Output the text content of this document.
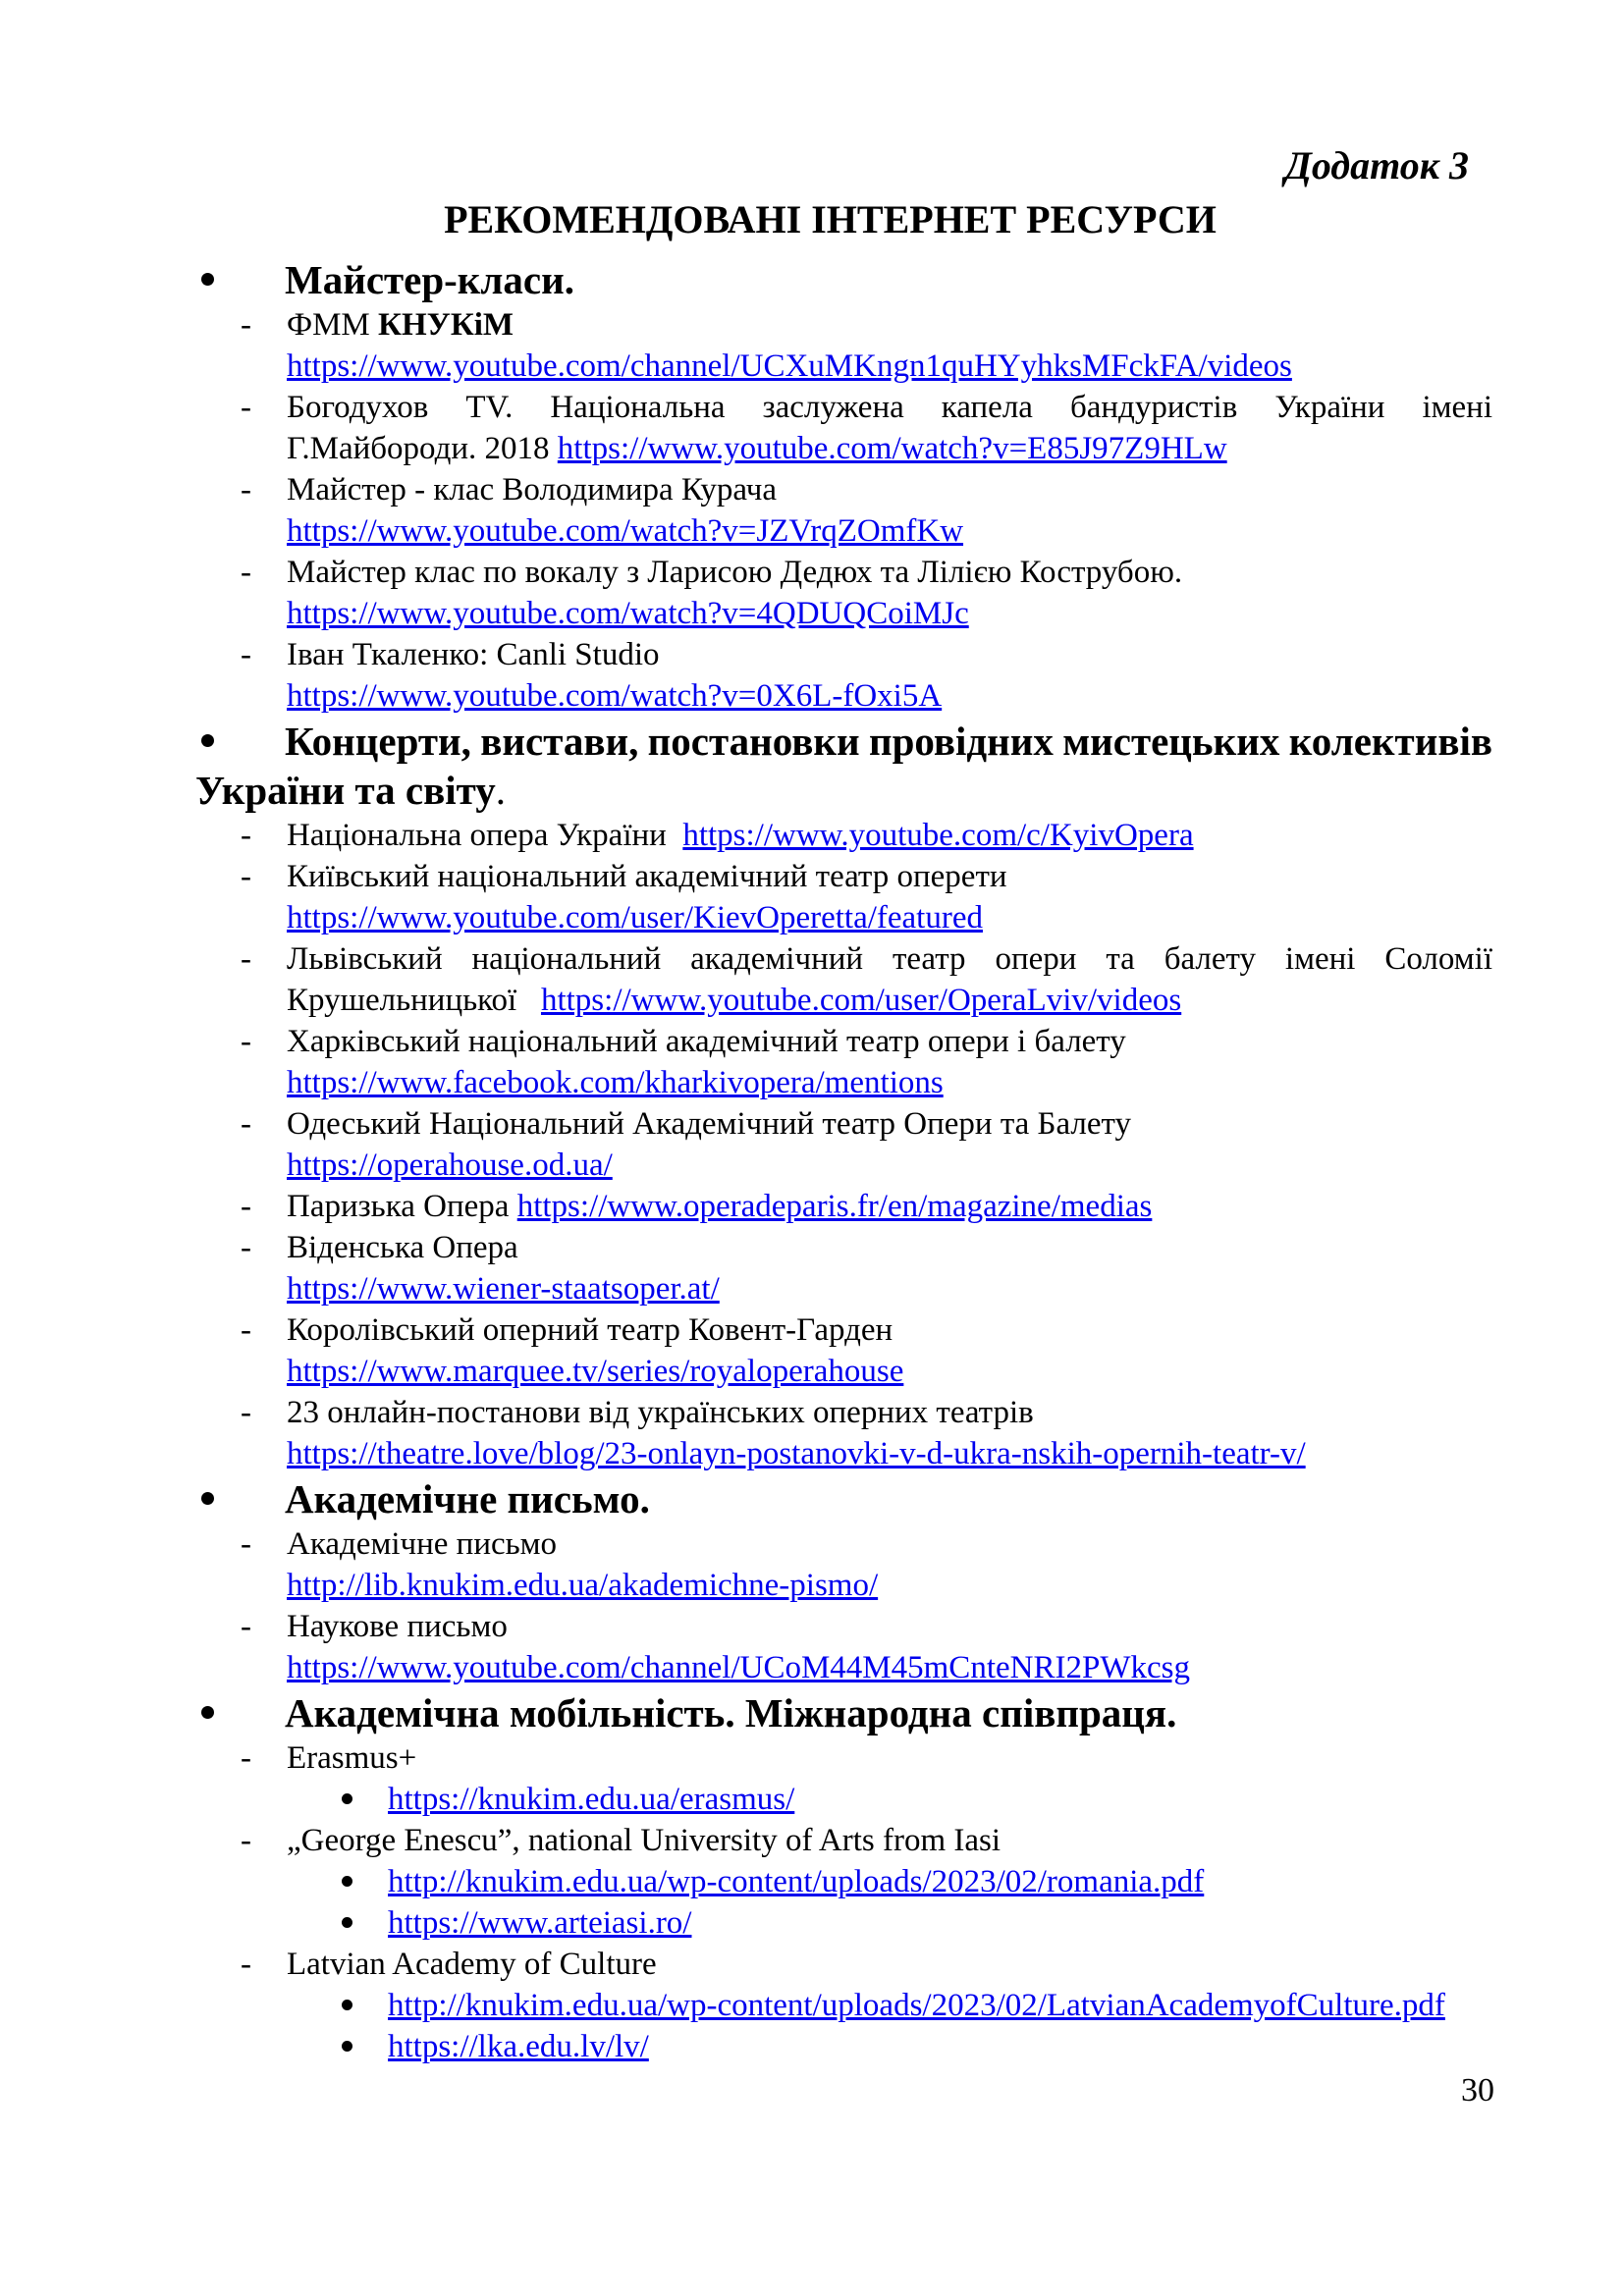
Додаток 3
РЕКОМЕНДОВАНІ ІНТЕРНЕТ РЕСУРСИ
Майстер-класи.
- ФММ КНУКіМ
https://www.youtube.com/channel/UCXuMKngn1quHYyhksMFckFA/videos
- Богодухов TV. Національна заслужена капела бандуристів України імені
Г.Майбороди. 2018 https://www.youtube.com/watch?v=E85J97Z9HLw
- Майстер - клас Володимира Курача
https://www.youtube.com/watch?v=JZVrqZOmfKw
- Майстер клас по вокалу з Ларисою Дедюх та Лілією Кострубою.
https://www.youtube.com/watch?v=4QDUQCoiMJc
- Іван Ткаленко: Canli Studio
https://www.youtube.com/watch?v=0X6L-fOxi5A
Концерти, вистави, постановки провідних мистецьких колективів
України та світу.
- Національна опера України  https://www.youtube.com/c/KyivOpera
- Київський національний академічний театр оперети
https://www.youtube.com/user/KievOperetta/featured
- Львівський національний академічний театр опери та балету імені Соломії
Крушельницької   https://www.youtube.com/user/OperaLviv/videos
- Харківський національний академічний театр опери і балету
https://www.facebook.com/kharkivopera/mentions
- Одеський Національний Академічний театр Опери та Балету
https://operahouse.od.ua/
- Паризька Опера https://www.operadeparis.fr/en/magazine/medias
- Віденська Опера
https://www.wiener-staatsoper.at/
- Королівський оперний театр Ковент-Гарден
https://www.marquee.tv/series/royaloperahouse
- 23 онлайн-постанови від українських оперних театрів
https://theatre.love/blog/23-onlayn-postanovki-v-d-ukra-nskih-opernih-teatr-v/
Академічне письмо.
- Академічне письмо
http://lib.knukim.edu.ua/akademichne-pismo/
- Наукове письмо
https://www.youtube.com/channel/UCoM44M45mCnteNRI2PWkcsg
Академічна мобільність. Міжнародна співпраця.
- Erasmus+
https://knukim.edu.ua/erasmus/
- „George Enescu”, national University of Arts from Iasi
http://knukim.edu.ua/wp-content/uploads/2023/02/romania.pdf
https://www.arteiasi.ro/
- Latvian Academy of Culture
http://knukim.edu.ua/wp-content/uploads/2023/02/LatvianAcademyofCulture.pdf
https://lka.edu.lv/lv/
30
